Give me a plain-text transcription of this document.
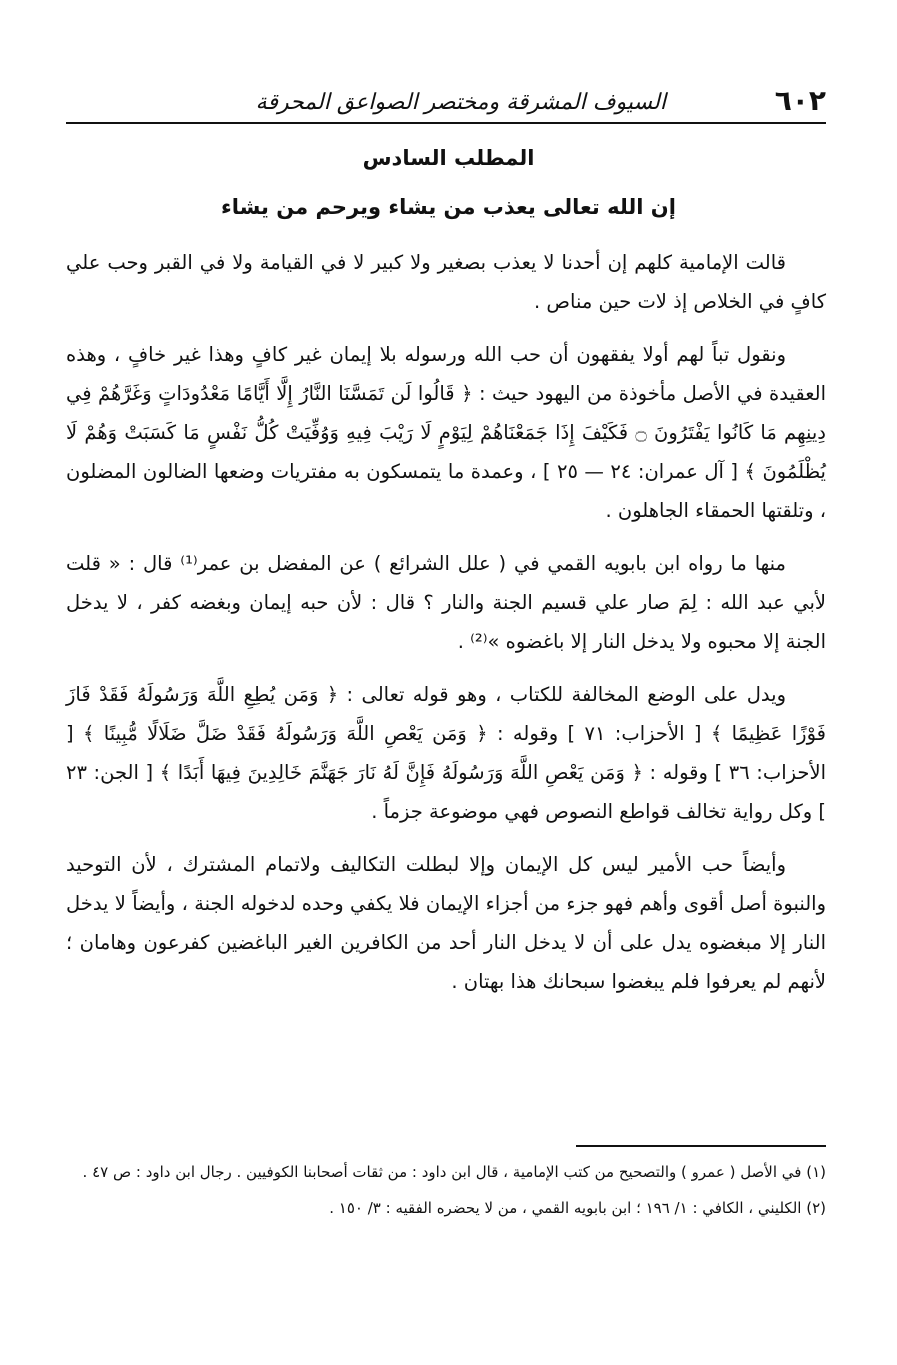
٦٠٢
السيوف المشرقة ومختصر الصواعق المحرقة
المطلب السادس
إن الله تعالى يعذب من يشاء ويرحم من يشاء

قالت الإمامية كلهم إن أحدنا لا يعذب بصغير ولا كبير لا في القيامة ولا في القبر وحب علي كافٍ في الخلاص إذ لات حين مناص .

ونقول تباً لهم أولا يفقهون أن حب الله ورسوله بلا إيمان غير كافٍ وهذا غير خافٍ ، وهذه العقيدة في الأصل مأخوذة من اليهود حيث : ﴿ قَالُوا لَن تَمَسَّنَا النَّارُ إِلَّا أَيَّامًا مَعْدُودَاتٍ وَغَرَّهُمْ فِي دِينِهِم مَا كَانُوا يَفْتَرُونَ ۝ فَكَيْفَ إِذَا جَمَعْنَاهُمْ لِيَوْمٍ لَا رَيْبَ فِيهِ وَوُفِّيَتْ كُلُّ نَفْسٍ مَا كَسَبَتْ وَهُمْ لَا يُظْلَمُونَ ﴾ [ آل عمران: ٢٤ — ٢٥ ] ، وعمدة ما يتمسكون به مفتريات وضعها الضالون المضلون ، وتلقتها الحمقاء الجاهلون .

منها ما رواه ابن بابويه القمي في ( علل الشرائع ) عن المفضل بن عمر⁽¹⁾ قال : « قلت لأبي عبد الله : لِمَ صار علي قسيم الجنة والنار ؟ قال : لأن حبه إيمان وبغضه كفر ، لا يدخل الجنة إلا محبوه ولا يدخل النار إلا باغضوه »⁽²⁾ .

ويدل على الوضع المخالفة للكتاب ، وهو قوله تعالى : ﴿ وَمَن يُطِعِ اللَّهَ وَرَسُولَهُ فَقَدْ فَازَ فَوْزًا عَظِيمًا ﴾ [ الأحزاب: ٧١ ] وقوله : ﴿ وَمَن يَعْصِ اللَّهَ وَرَسُولَهُ فَقَدْ ضَلَّ ضَلَالًا مُّبِينًا ﴾ [ الأحزاب: ٣٦ ] وقوله : ﴿ وَمَن يَعْصِ اللَّهَ وَرَسُولَهُ فَإِنَّ لَهُ نَارَ جَهَنَّمَ خَالِدِينَ فِيهَا أَبَدًا ﴾ [ الجن: ٢٣ ] وكل رواية تخالف قواطع النصوص فهي موضوعة جزماً .

وأيضاً حب الأمير ليس كل الإيمان وإلا لبطلت التكاليف ولاتمام المشترك ، لأن التوحيد والنبوة أصل أقوى وأهم فهو جزء من أجزاء الإيمان فلا يكفي وحده لدخوله الجنة ، وأيضاً لا يدخل النار إلا مبغضوه يدل على أن لا يدخل النار أحد من الكافرين الغير الباغضين كفرعون وهامان ؛ لأنهم لم يعرفوا فلم يبغضوا سبحانك هذا بهتان .

(١) في الأصل ( عمرو ) والتصحيح من كتب الإمامية ، قال ابن داود : من ثقات أصحابنا الكوفيين . رجال ابن داود : ص ٤٧ .

(٢) الكليني ، الكافي : ١/ ١٩٦ ؛ ابن بابويه القمي ، من لا يحضره الفقيه : ٣/ ١٥٠ .
